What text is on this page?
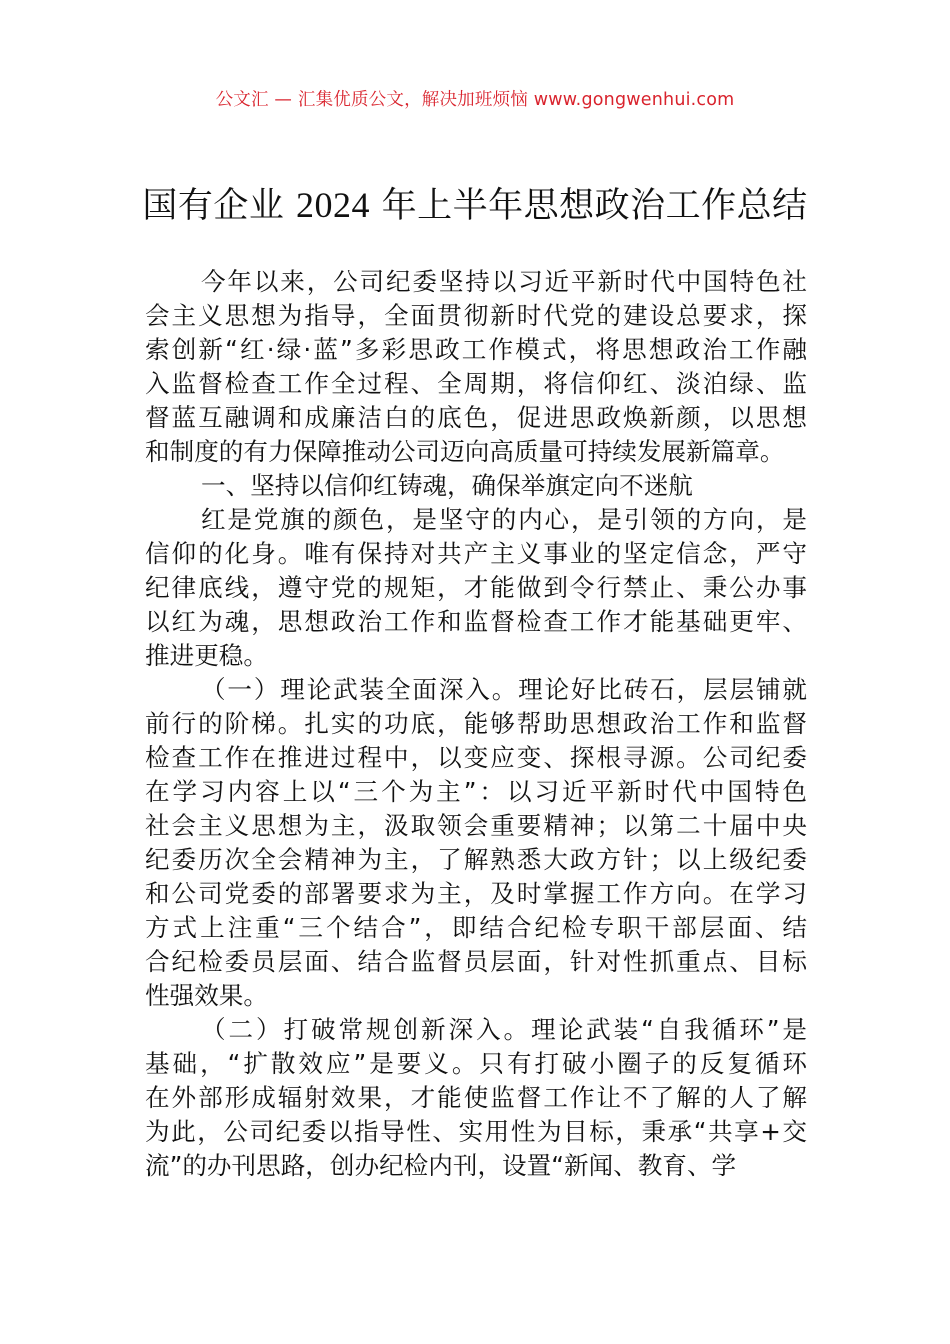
公文汇 — 汇集优质公文，解决加班烦恼 www.gongwenhui.com
国有企业 2024 年上半年思想政治工作总结
今年以来，公司纪委坚持以习近平新时代中国特色社
会主义思想为指导，全面贯彻新时代党的建设总要求，探
索创新“红·绿·蓝”多彩思政工作模式，将思想政治工作融
入监督检查工作全过程、全周期，将信仰红、淡泊绿、监
督蓝互融调和成廉洁白的底色，促进思政焕新颜，以思想
和制度的有力保障推动公司迈向高质量可持续发展新篇章。
一、坚持以信仰红铸魂，确保举旗定向不迷航
红是党旗的颜色，是坚守的内心，是引领的方向，是
信仰的化身。唯有保持对共产主义事业的坚定信念，严守
纪律底线，遵守党的规矩，才能做到令行禁止、秉公办事
以红为魂，思想政治工作和监督检查工作才能基础更牢、
推进更稳。
（一）理论武装全面深入。理论好比砖石，层层铺就
前行的阶梯。扎实的功底，能够帮助思想政治工作和监督
检查工作在推进过程中，以变应变、探根寻源。公司纪委
在学习内容上以“三个为主”：以习近平新时代中国特色
社会主义思想为主，汲取领会重要精神；以第二十届中央
纪委历次全会精神为主，了解熟悉大政方针；以上级纪委
和公司党委的部署要求为主，及时掌握工作方向。在学习
方式上注重“三个结合”，即结合纪检专职干部层面、结
合纪检委员层面、结合监督员层面，针对性抓重点、目标
性强效果。
（二）打破常规创新深入。理论武装“自我循环”是
基础，“扩散效应”是要义。只有打破小圈子的反复循环
在外部形成辐射效果，才能使监督工作让不了解的人了解
为此，公司纪委以指导性、实用性为目标，秉承“共享+交
流”的办刊思路，创办纪检内刊，设置“新闻、教育、学
